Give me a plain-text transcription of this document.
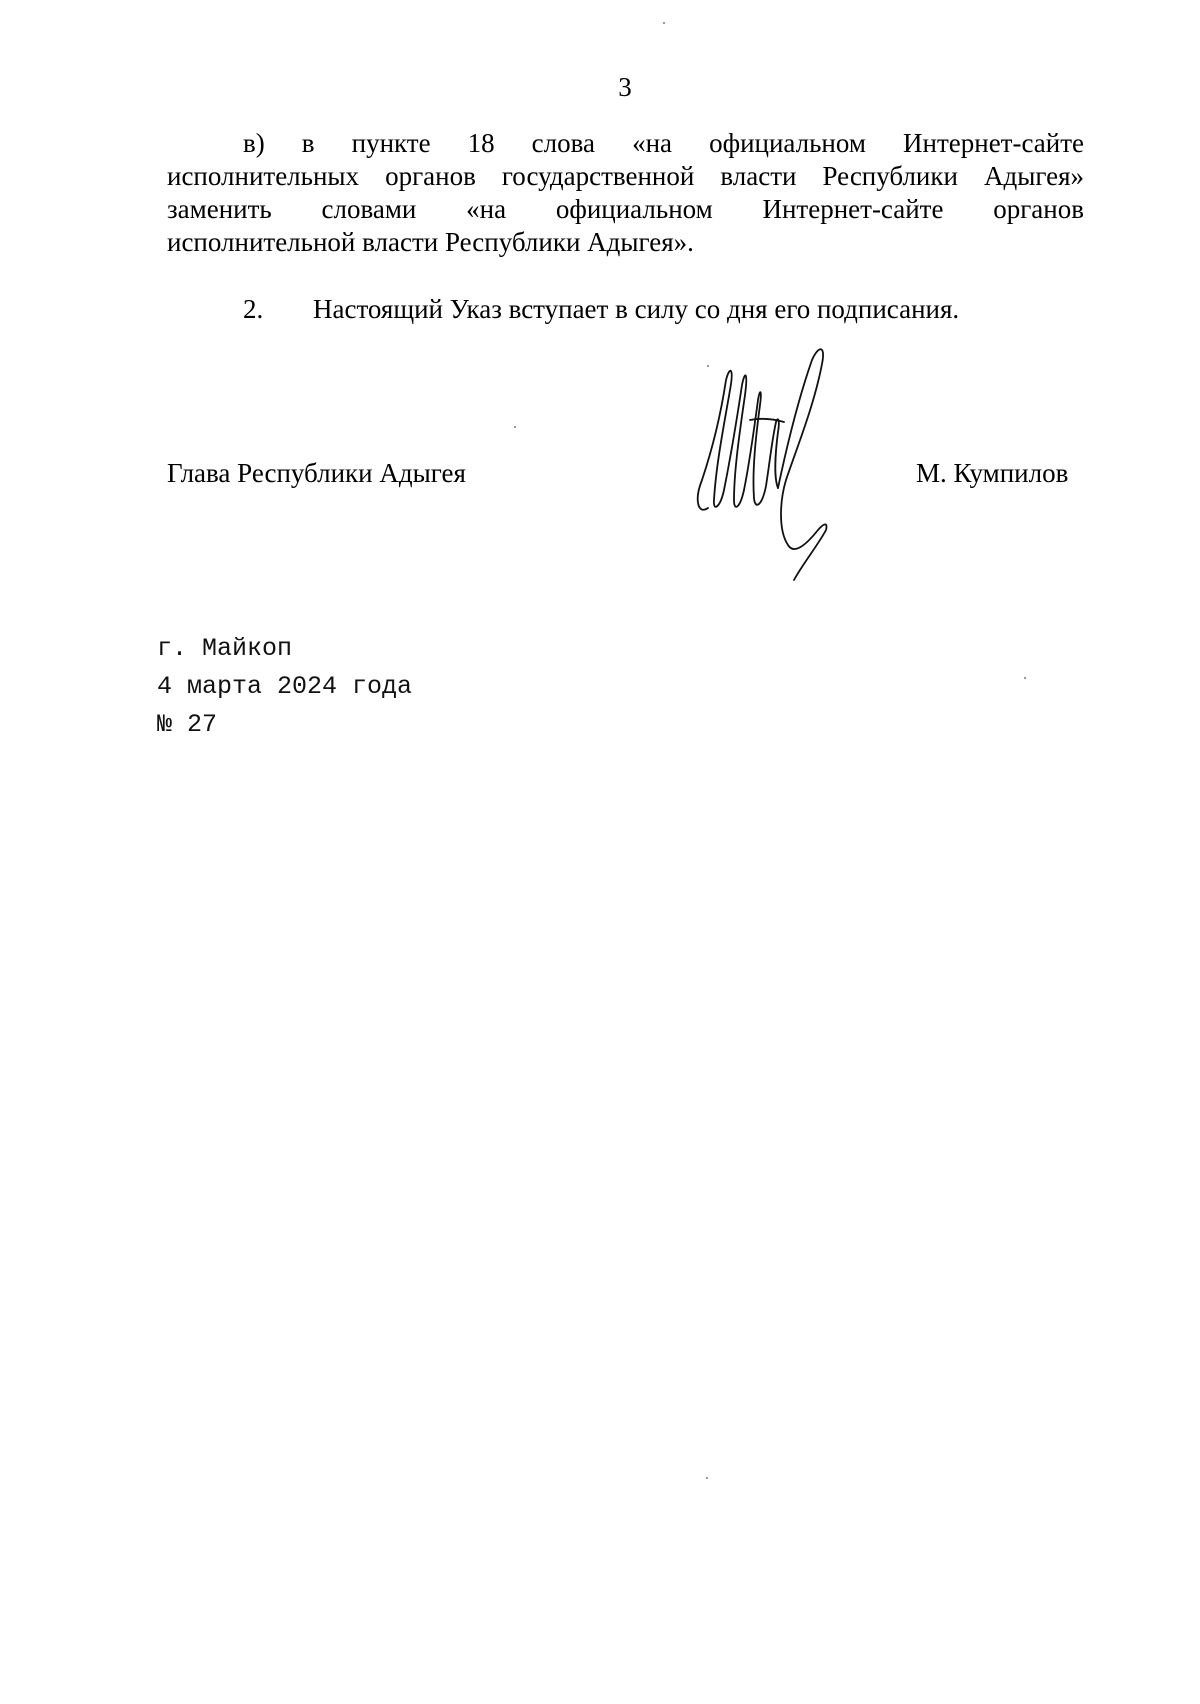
3
в) в пункте 18 слова «на официальном Интернет-сайте
исполнительных органов государственной власти Республики Адыгея»
заменить словами «на официальном Интернет-сайте органов
исполнительной власти Республики Адыгея».
2. Настоящий Указ вступает в силу со дня его подписания.
Глава Республики Адыгея	М. Кумпилов
г. Майкоп
4 марта 2024 года
№ 27
